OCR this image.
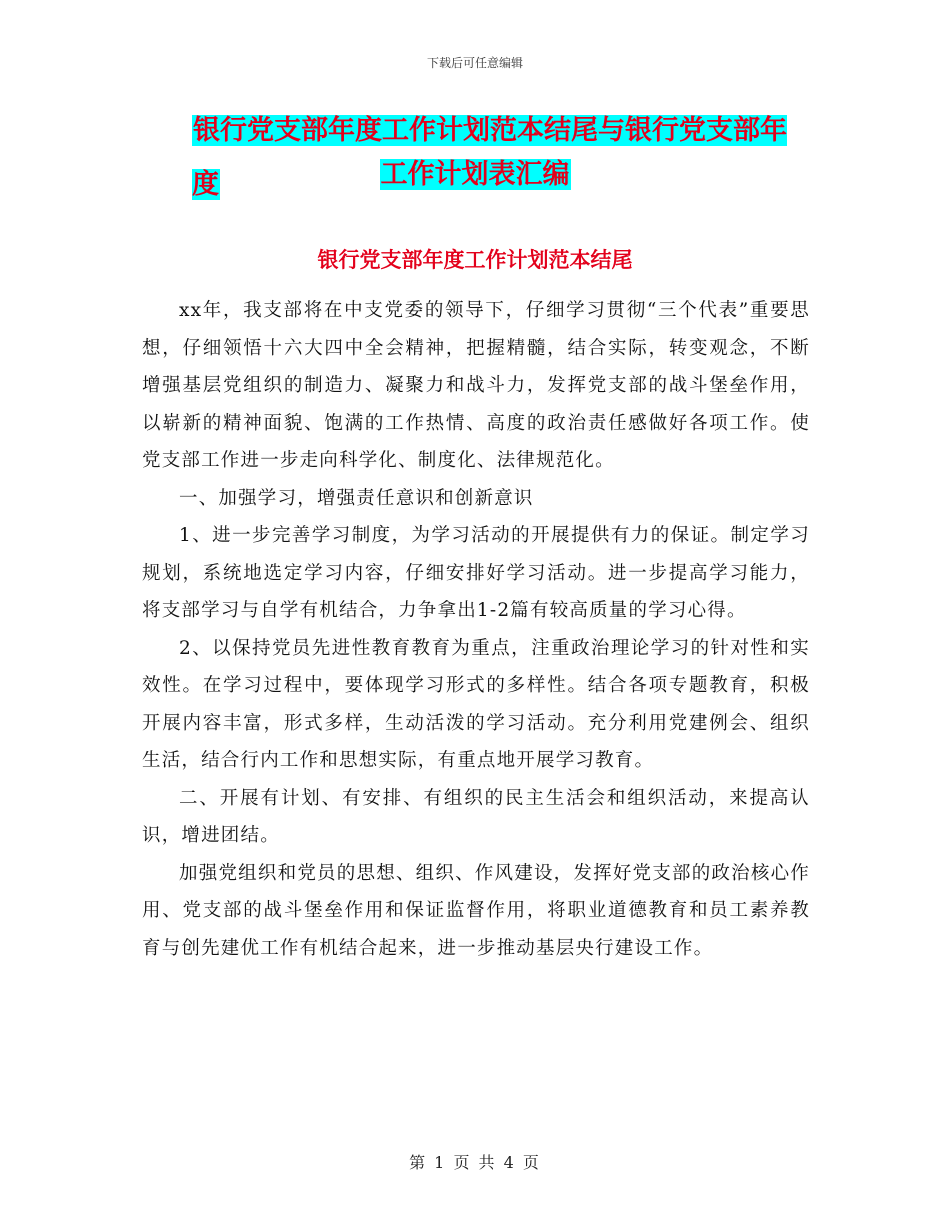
下载后可任意编辑
银行党支部年度工作计划范本结尾与银行党支部年度	工作计划表汇编
银行党支部年度工作计划范本结尾

xx年，我支部将在中支党委的领导下，仔细学习贯彻“三个代表”重要思想，仔细领悟十六大四中全会精神，把握精髓，结合实际，转变观念，不断增强基层党组织的制造力、凝聚力和战斗力，发挥党支部的战斗堡垒作用，以崭新的精神面貌、饱满的工作热情、高度的政治责任感做好各项工作。使党支部工作进一步走向科学化、制度化、法律规范化。

一、加强学习，增强责任意识和创新意识

1、进一步完善学习制度，为学习活动的开展提供有力的保证。制定学习规划，系统地选定学习内容，仔细安排好学习活动。进一步提高学习能力，将支部学习与自学有机结合，力争拿出1-2篇有较高质量的学习心得。

2、以保持党员先进性教育教育为重点，注重政治理论学习的针对性和实效性。在学习过程中，要体现学习形式的多样性。结合各项专题教育，积极开展内容丰富，形式多样，生动活泼的学习活动。充分利用党建例会、组织生活，结合行内工作和思想实际，有重点地开展学习教育。

二、开展有计划、有安排、有组织的民主生活会和组织活动，来提高认识，增进团结。

加强党组织和党员的思想、组织、作风建设，发挥好党支部的政治核心作用、党支部的战斗堡垒作用和保证监督作用，将职业道德教育和员工素养教育与创先建优工作有机结合起来，进一步推动基层央行建设工作。

第 1 页 共 4 页
